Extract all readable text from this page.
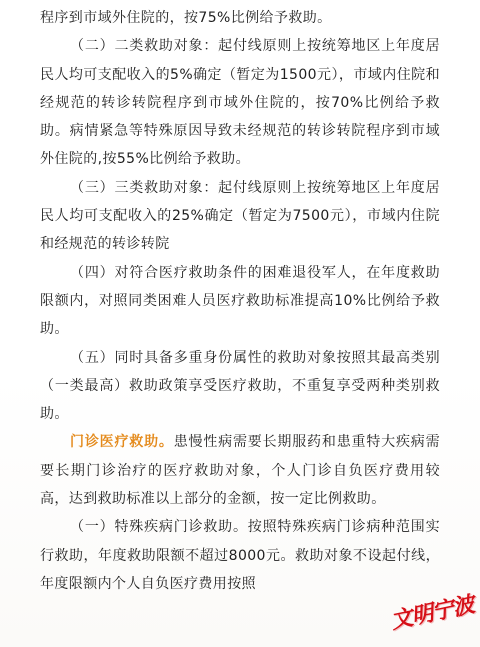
程序到市域外住院的，按75%比例给予救助。

（二）二类救助对象：起付线原则上按统筹地区上年度居民人均可支配收入的5%确定（暂定为1500元），市域内住院和经规范的转诊转院程序到市域外住院的，按70%比例给予救助。病情紧急等特殊原因导致未经规范的转诊转院程序到市域外住院的,按55%比例给予救助。

（三）三类救助对象：起付线原则上按统筹地区上年度居民人均可支配收入的25%确定（暂定为7500元），市域内住院和经规范的转诊转院

（四）对符合医疗救助条件的困难退役军人，在年度救助限额内，对照同类困难人员医疗救助标准提高10%比例给予救助。

（五）同时具备多重身份属性的救助对象按照其最高类别（一类最高）救助政策享受医疗救助，不重复享受两种类别救助。

门诊医疗救助。患慢性病需要长期服药和患重特大疾病需要长期门诊治疗的医疗救助对象，个人门诊自负医疗费用较高，达到救助标准以上部分的金额，按一定比例救助。

（一）特殊疾病门诊救助。按照特殊疾病门诊病种范围实行救助，年度救助限额不超过8000元。救助对象不设起付线，年度限额内个人自负医疗费用按照

文明宁波
